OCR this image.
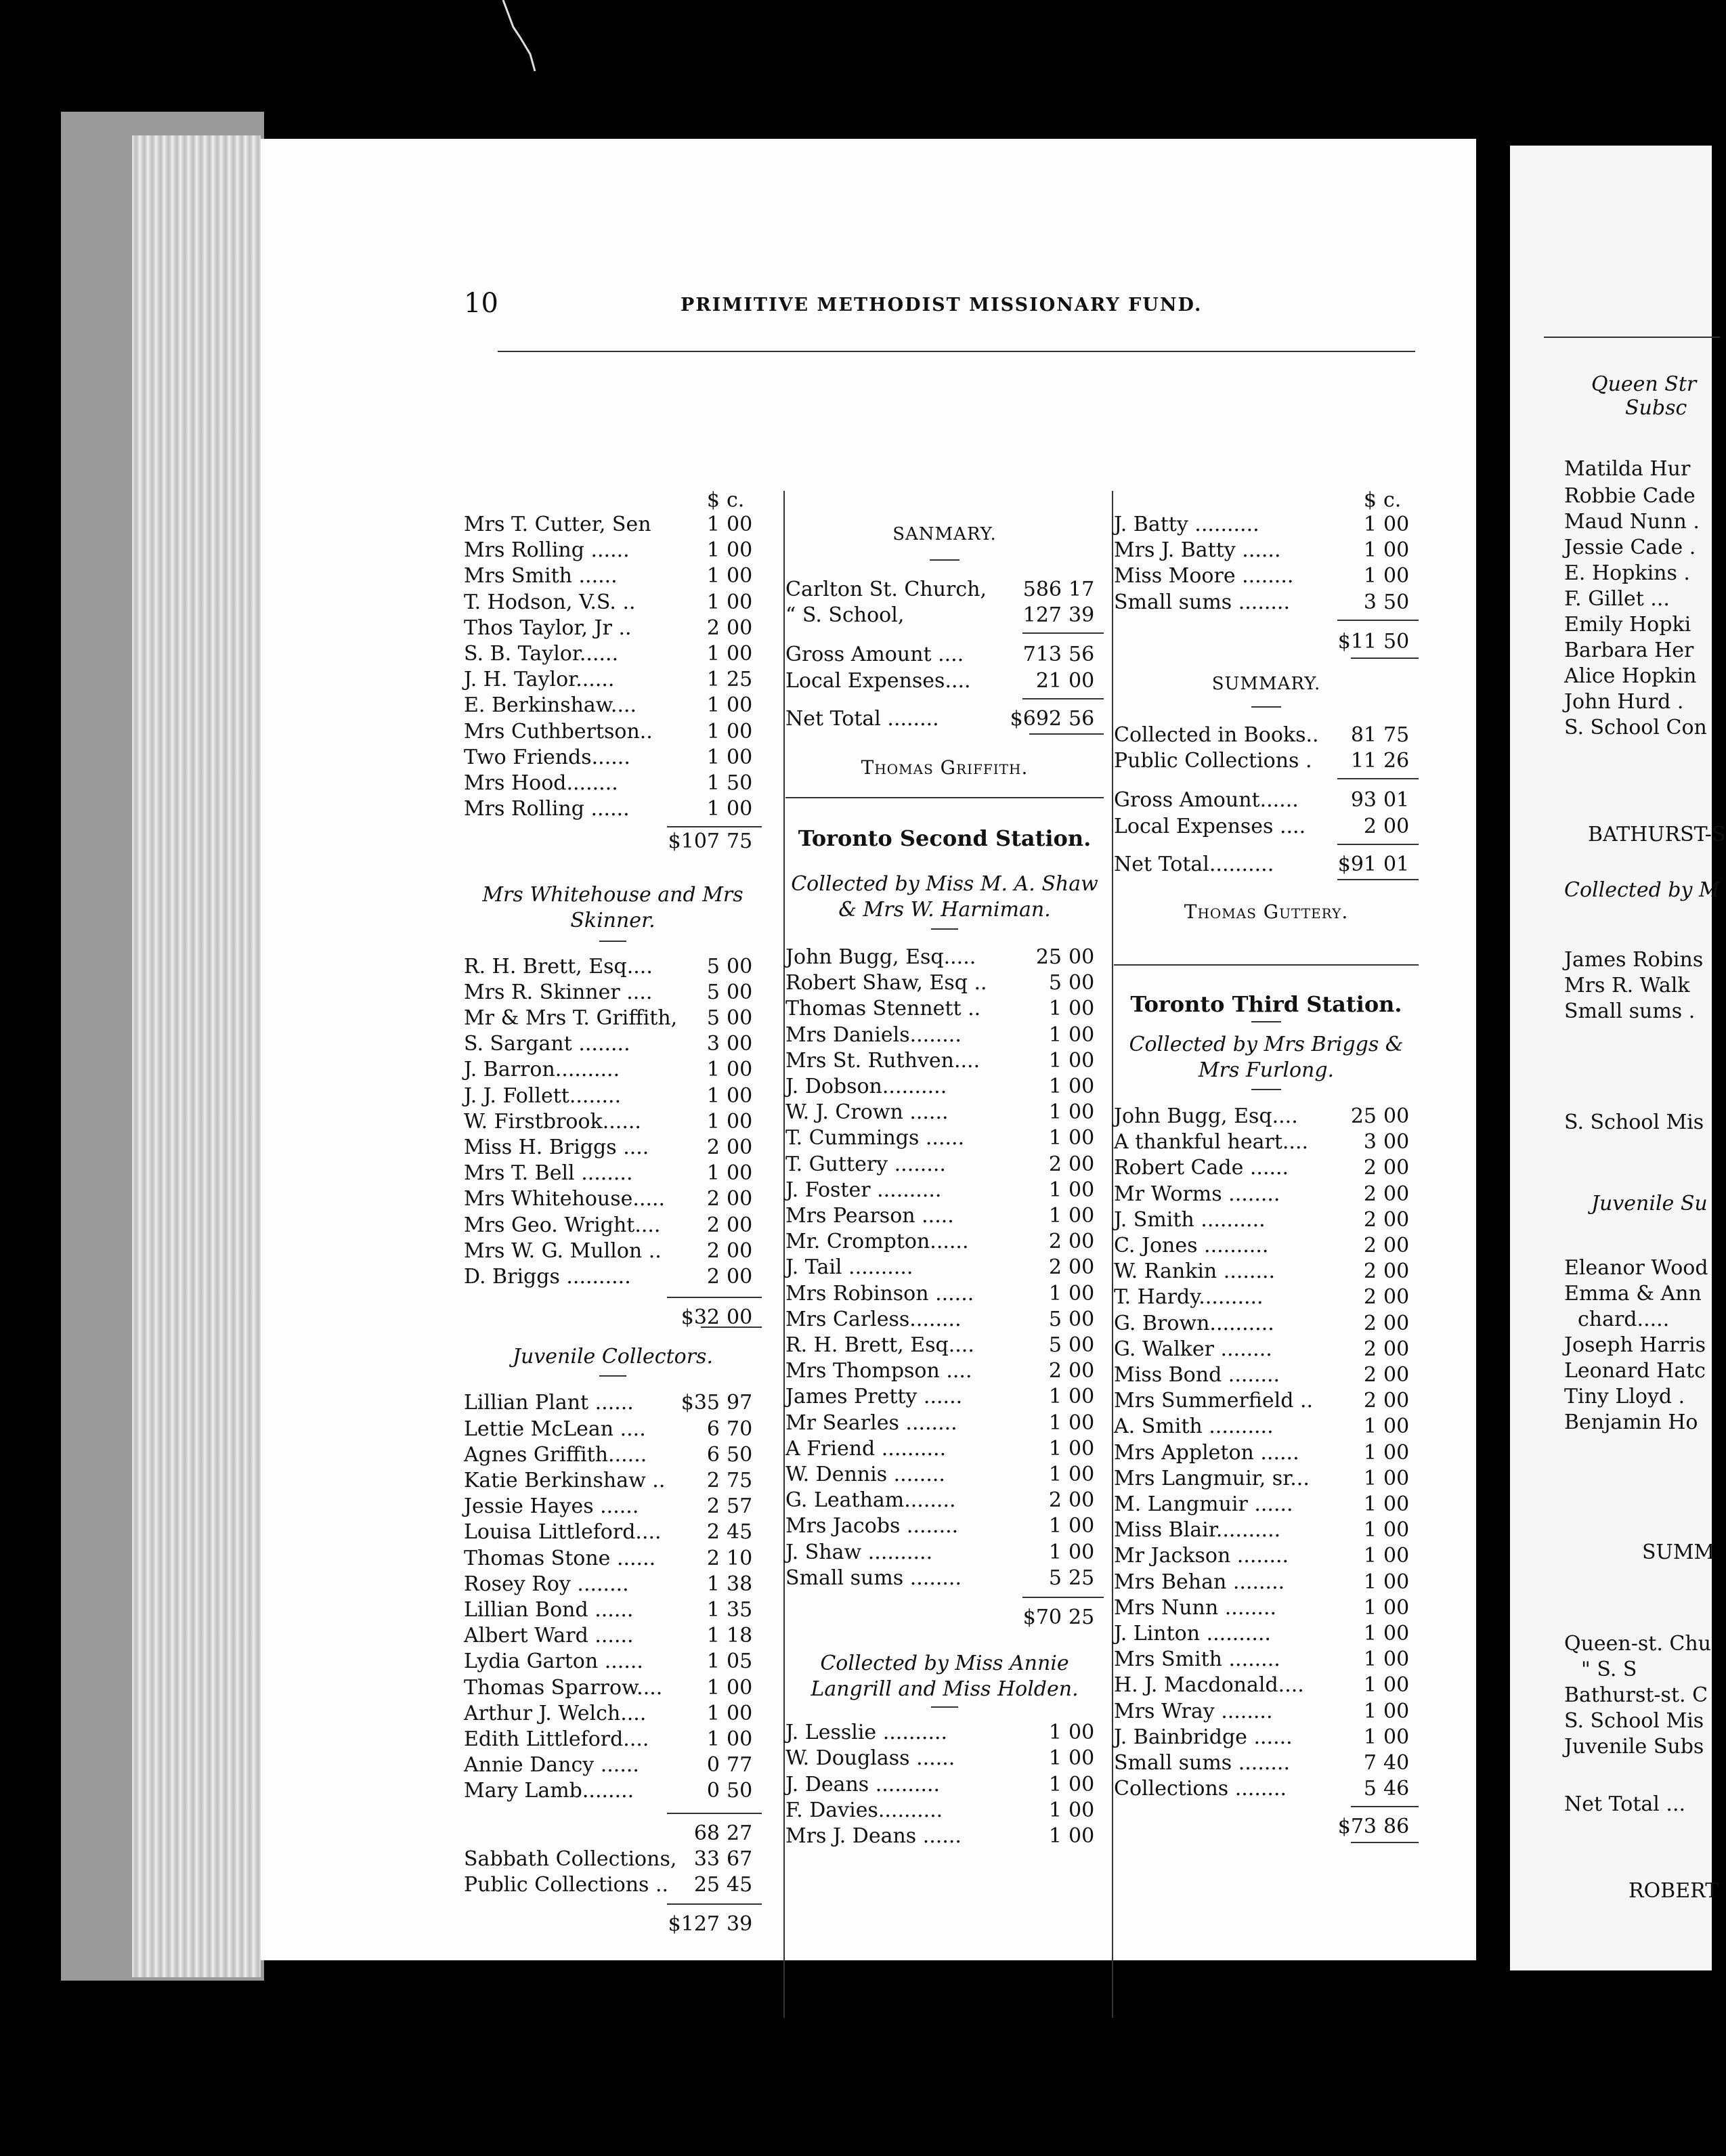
10	PRIMITIVE METHODIST MISSIONARY FUND.
$ c.
Mrs T. Cutter, Sen	1 00
Mrs Rolling ......	1 00
Mrs Smith ......	1 00
T. Hodson, V.S. ..	1 00
Thos Taylor, Jr ..	2 00
S. B. Taylor......	1 00
J. H. Taylor......	1 25
E. Berkinshaw....	1 00
Mrs Cuthbertson..	1 00
Two Friends......	1 00
Mrs Hood........	1 50
Mrs Rolling ......	1 00
$107 75
Mrs Whitehouse and Mrs Skinner.
R. H. Brett, Esq....	5 00
Mrs R. Skinner ....	5 00
Mr & Mrs T. Griffith, 5 00
S. Sargant ........	3 00
J. Barron..........	1 00
J. J. Follett........	1 00
W. Firstbrook......	1 00
Miss H. Briggs ....	2 00
Mrs T. Bell ........	1 00
Mrs Whitehouse..... 2 00
Mrs Geo. Wright.... 2 00
Mrs W. G. Mullon .. 2 00
D. Briggs ..........	2 00
$32 00
Juvenile Collectors.
Lillian Plant ...... $35 97
Lettie McLean ....	6 70
Agnes Griffith......	6 50
Katie Berkinshaw .. 2 75
Jessie Hayes ......	2 57
Louisa Littleford.... 2 45
Thomas Stone ......	2 10
Rosey Roy ........	1 38
Lillian Bond ......	1 35
Albert Ward ......	1 18
Lydia Garton ......	1 05
Thomas Sparrow.... 1 00
Arthur J. Welch....	1 00
Edith Littleford....	1 00
Annie Dancy ......	0 77
Mary Lamb........	0 50
68 27
Sabbath Collections, 33 67
Public Collections .. 25 45
$127 39
SANMARY.
Carlton St. Church, 586 17
“ S. School,	127 39
Gross Amount ....	713 56
Local Expenses....	21 00
Net Total ........	$692 56
Thomas Griffith.
Toronto Second Station.
Collected by Miss M. A. Shaw & Mrs W. Harniman.
John Bugg, Esq.....	25 00
Robert Shaw, Esq ..	5 00
Thomas Stennett ..	1 00
Mrs Daniels........	1 00
Mrs St. Ruthven....	1 00
J. Dobson..........	1 00
W. J. Crown ......	1 00
T. Cummings ......	1 00
T. Guttery ........	2 00
J. Foster ..........	1 00
Mrs Pearson .....	1 00
Mr. Crompton......	2 00
J. Tail ..........	2 00
Mrs Robinson ......	1 00
Mrs Carless........	5 00
R. H. Brett, Esq....	5 00
Mrs Thompson ....	2 00
James Pretty ......	1 00
Mr Searles ........	1 00
A Friend ..........	1 00
W. Dennis ........	1 00
G. Leatham........	2 00
Mrs Jacobs ........	1 00
J. Shaw ..........	1 00
Small sums ........	5 25
$70 25
Collected by Miss Annie Langrill and Miss Holden.
J. Lesslie ..........	1 00
W. Douglass ......	1 00
J. Deans ..........	1 00
F. Davies..........	1 00
Mrs J. Deans ......	1 00
$ c.
J. Batty ..........	1 00
Mrs J. Batty ......	1 00
Miss Moore ........	1 00
Small sums ........	3 50
$11 50
SUMMARY.
Collected in Books.. 81 75
Public Collections . 11 26
Gross Amount......	93 01
Local Expenses ....	2 00
Net Total..........	$91 01
Thomas Guttery.
Toronto Third Station.
Collected by Mrs Briggs & Mrs Furlong.
John Bugg, Esq....	25 00
A thankful heart....	3 00
Robert Cade ......	2 00
Mr Worms ........	2 00
J. Smith ..........	2 00
C. Jones ..........	2 00
W. Rankin ........	2 00
T. Hardy..........	2 00
G. Brown..........	2 00
G. Walker ........	2 00
Miss Bond ........	2 00
Mrs Summerfield .. 2 00
A. Smith ..........	1 00
Mrs Appleton ......	1 00
Mrs Langmuir, sr...	1 00
M. Langmuir ......	1 00
Miss Blair..........	1 00
Mr Jackson ........	1 00
Mrs Behan ........	1 00
Mrs Nunn ........	1 00
J. Linton ..........	1 00
Mrs Smith ........	1 00
H. J. Macdonald....	1 00
Mrs Wray ........	1 00
J. Bainbridge ......	1 00
Small sums ........	7 40
Collections ........	5 46
$73 86
Queen Str
Subsc
Matilda Hur
Robbie Cade
Maud Nunn .
Jessie Cade .
E. Hopkins .
F. Gillet ...
Emily Hopki
Barbara Her
Alice Hopkin
John Hurd .
S. School Con
BATHURST-S
Collected by M
James Robins
Mrs R. Walk
Small sums .
S. School Mis
Juvenile Su
Eleanor Wood
Emma & Ann
chard.....
Joseph Harris
Leonard Hatc
Tiny Lloyd .
Benjamin Ho
SUMM
Queen-st. Chu
" S. S
Bathurst-st. C
S. School Mis
Juvenile Subs
Net Total ...
ROBERT
